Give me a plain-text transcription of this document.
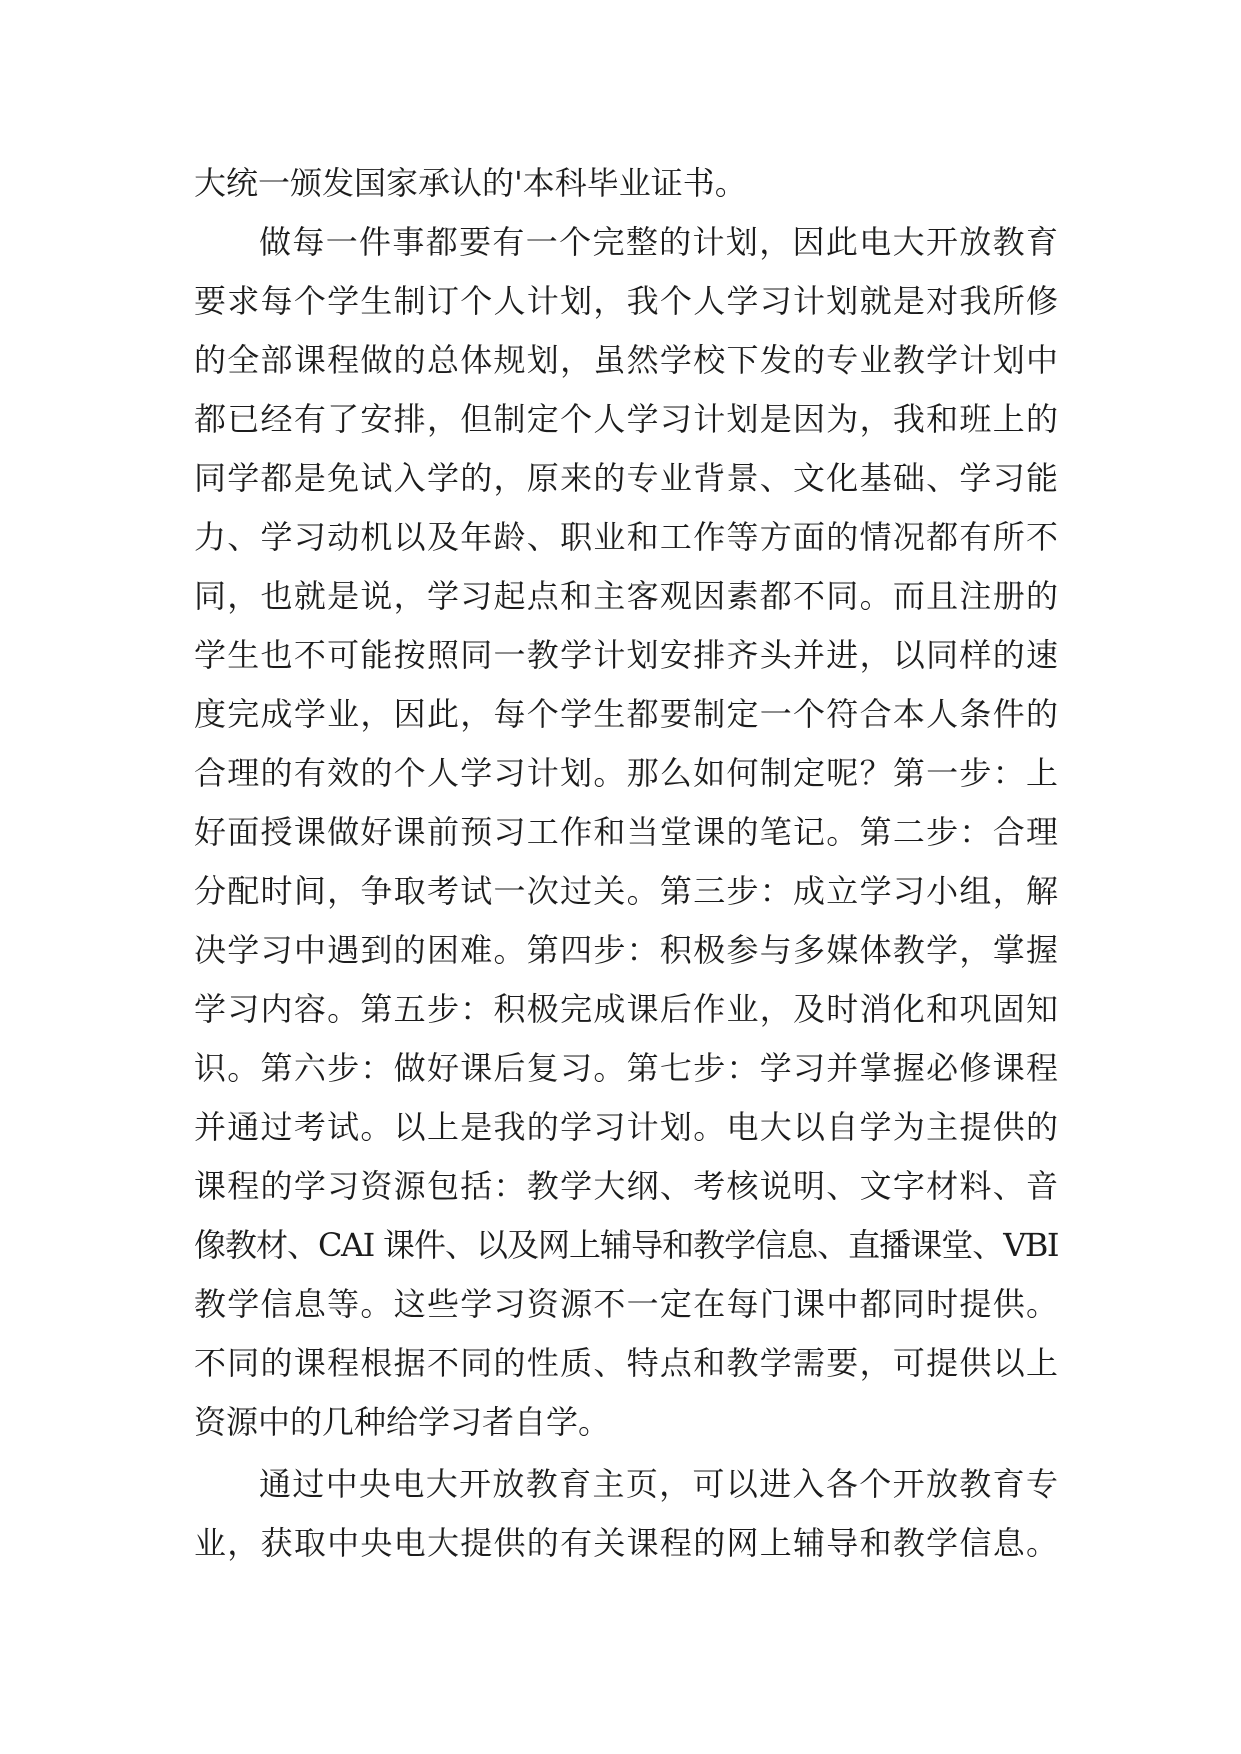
大统一颁发国家承认的'本科毕业证书。
做每一件事都要有一个完整的计划，因此电大开放教育
要求每个学生制订个人计划，我个人学习计划就是对我所修
的全部课程做的总体规划，虽然学校下发的专业教学计划中
都已经有了安排，但制定个人学习计划是因为，我和班上的
同学都是免试入学的，原来的专业背景、文化基础、学习能
力、学习动机以及年龄、职业和工作等方面的情况都有所不
同，也就是说，学习起点和主客观因素都不同。而且注册的
学生也不可能按照同一教学计划安排齐头并进，以同样的速
度完成学业，因此，每个学生都要制定一个符合本人条件的
合理的有效的个人学习计划。那么如何制定呢？第一步：上
好面授课做好课前预习工作和当堂课的笔记。第二步：合理
分配时间，争取考试一次过关。第三步：成立学习小组，解
决学习中遇到的困难。第四步：积极参与多媒体教学，掌握
学习内容。第五步：积极完成课后作业，及时消化和巩固知
识。第六步：做好课后复习。第七步：学习并掌握必修课程
并通过考试。以上是我的学习计划。电大以自学为主提供的
课程的学习资源包括：教学大纲、考核说明、文字材料、音
像教材、CAI 课件、以及网上辅导和教学信息、直播课堂、VBI
教学信息等。这些学习资源不一定在每门课中都同时提供。
不同的课程根据不同的性质、特点和教学需要，可提供以上
资源中的几种给学习者自学。
通过中央电大开放教育主页，可以进入各个开放教育专
业，获取中央电大提供的有关课程的网上辅导和教学信息。
